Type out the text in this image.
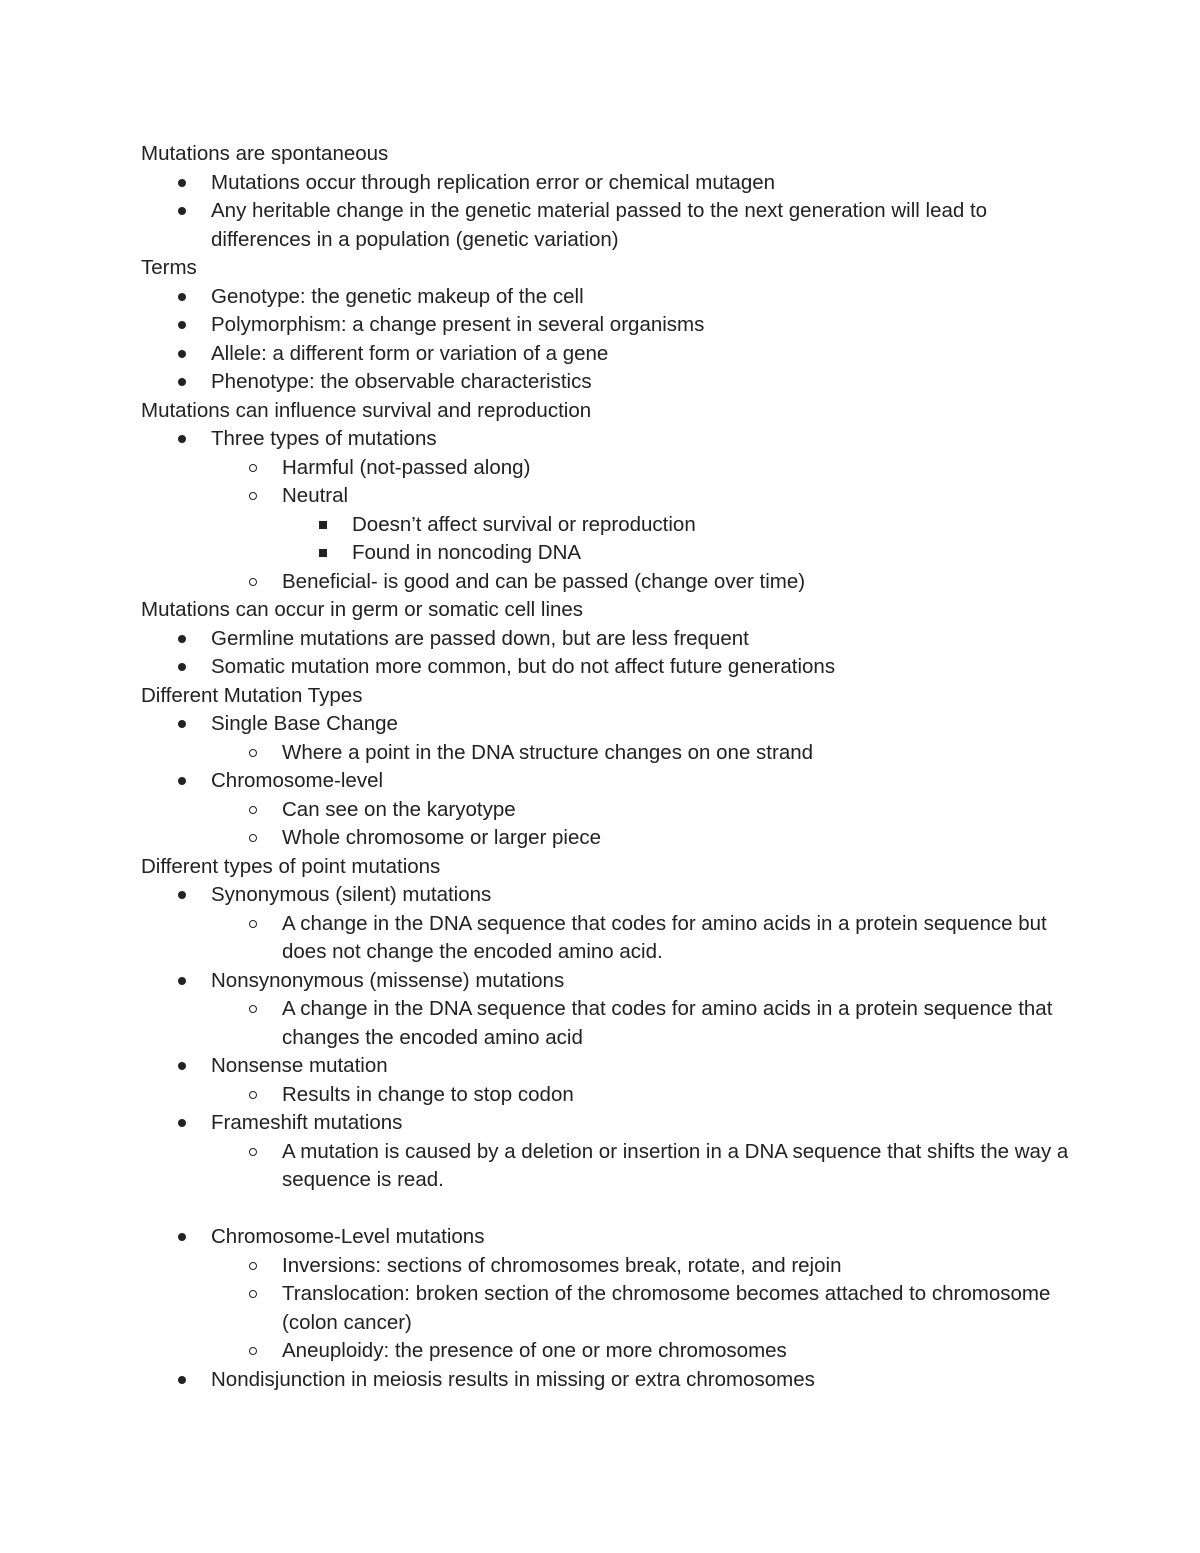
Mutations are spontaneous
Mutations occur through replication error or chemical mutagen
Any heritable change in the genetic material passed to the next generation will lead to differences in a population (genetic variation)
Terms
Genotype: the genetic makeup of the cell
Polymorphism: a change present in several organisms
Allele: a different form or variation of a gene
Phenotype: the observable characteristics
Mutations can influence survival and reproduction
Three types of mutations
Harmful (not-passed along)
Neutral
Doesn’t affect survival or reproduction
Found in noncoding DNA
Beneficial- is good and can be passed (change over time)
Mutations can occur in germ or somatic cell lines
Germline mutations are passed down, but are less frequent
Somatic mutation more common, but do not affect future generations
Different Mutation Types
Single Base Change
Where a point in the DNA structure changes on one strand
Chromosome-level
Can see on the karyotype
Whole chromosome or larger piece
Different types of point mutations
Synonymous (silent) mutations
A change in the DNA sequence that codes for amino acids in a protein sequence but does not change the encoded amino acid.
Nonsynonymous (missense) mutations
A change in the DNA sequence that codes for amino acids in a protein sequence that changes the encoded amino acid
Nonsense mutation
Results in change to stop codon
Frameshift mutations
A mutation is caused by a deletion or insertion in a DNA sequence that shifts the way a sequence is read.
Chromosome-Level mutations
Inversions: sections of chromosomes break, rotate, and rejoin
Translocation: broken section of the chromosome becomes attached to chromosome (colon cancer)
Aneuploidy: the presence of one or more chromosomes
Nondisjunction in meiosis results in missing or extra chromosomes
